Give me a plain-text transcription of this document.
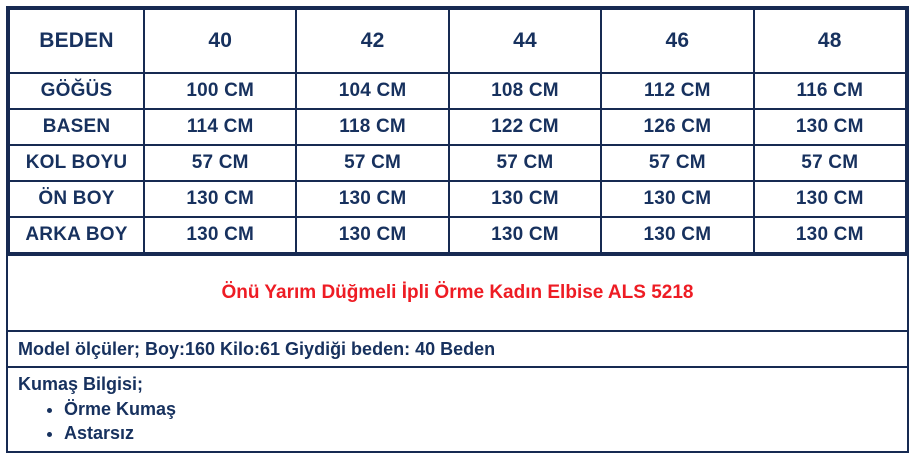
BEDEN	40	42	44	46	48
GÖĞÜS	100 CM	104 CM	108 CM	112 CM	116 CM
BASEN	114 CM	118 CM	122 CM	126 CM	130 CM
KOL BOYU	57 CM	57 CM	57 CM	57 CM	57 CM
ÖN BOY	130 CM	130 CM	130 CM	130 CM	130 CM
ARKA BOY	130 CM	130 CM	130 CM	130 CM	130 CM
Önü Yarım Düğmeli İpli Örme Kadın Elbise ALS 5218
Model ölçüler; Boy:160 Kilo:61 Giydiği beden: 40 Beden
Kumaş Bilgisi;
• Örme Kumaş
• Astarsız
